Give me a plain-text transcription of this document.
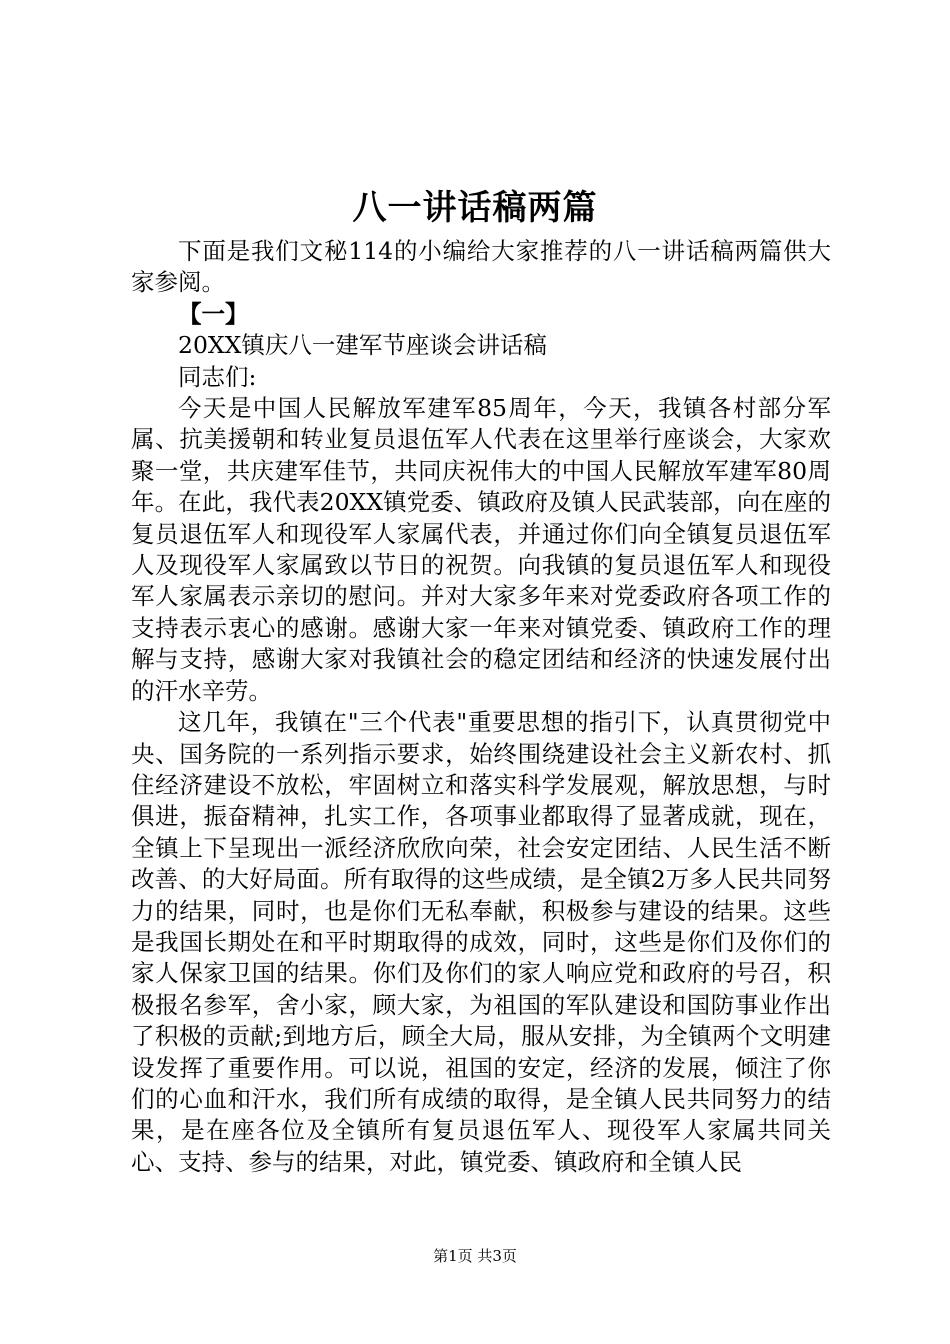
八一讲话稿两篇

下面是我们文秘114的小编给大家推荐的八一讲话稿两篇供大家参阅。

【一】

20XX镇庆八一建军节座谈会讲话稿

同志们:

今天是中国人民解放军建军85周年，今天，我镇各村部分军属、抗美援朝和转业复员退伍军人代表在这里举行座谈会，大家欢聚一堂，共庆建军佳节，共同庆祝伟大的中国人民解放军建军80周年。在此，我代表20XX镇党委、镇政府及镇人民武装部，向在座的复员退伍军人和现役军人家属代表，并通过你们向全镇复员退伍军人及现役军人家属致以节日的祝贺。向我镇的复员退伍军人和现役军人家属表示亲切的慰问。并对大家多年来对党委政府各项工作的支持表示衷心的感谢。感谢大家一年来对镇党委、镇政府工作的理解与支持，感谢大家对我镇社会的稳定团结和经济的快速发展付出的汗水辛劳。

这几年，我镇在"三个代表"重要思想的指引下，认真贯彻党中央、国务院的一系列指示要求，始终围绕建设社会主义新农村、抓住经济建设不放松，牢固树立和落实科学发展观，解放思想，与时俱进，振奋精神，扎实工作，各项事业都取得了显著成就，现在，全镇上下呈现出一派经济欣欣向荣，社会安定团结、人民生活不断改善、的大好局面。所有取得的这些成绩，是全镇2万多人民共同努力的结果，同时，也是你们无私奉献，积极参与建设的结果。这些是我国长期处在和平时期取得的成效，同时，这些是你们及你们的家人保家卫国的结果。你们及你们的家人响应党和政府的号召，积极报名参军，舍小家，顾大家，为祖国的军队建设和国防事业作出了积极的贡献;到地方后，顾全大局，服从安排，为全镇两个文明建设发挥了重要作用。可以说，祖国的安定，经济的发展，倾注了你们的心血和汗水，我们所有成绩的取得，是全镇人民共同努力的结果，是在座各位及全镇所有复员退伍军人、现役军人家属共同关心、支持、参与的结果，对此，镇党委、镇政府和全镇人民

第1页 共3页
